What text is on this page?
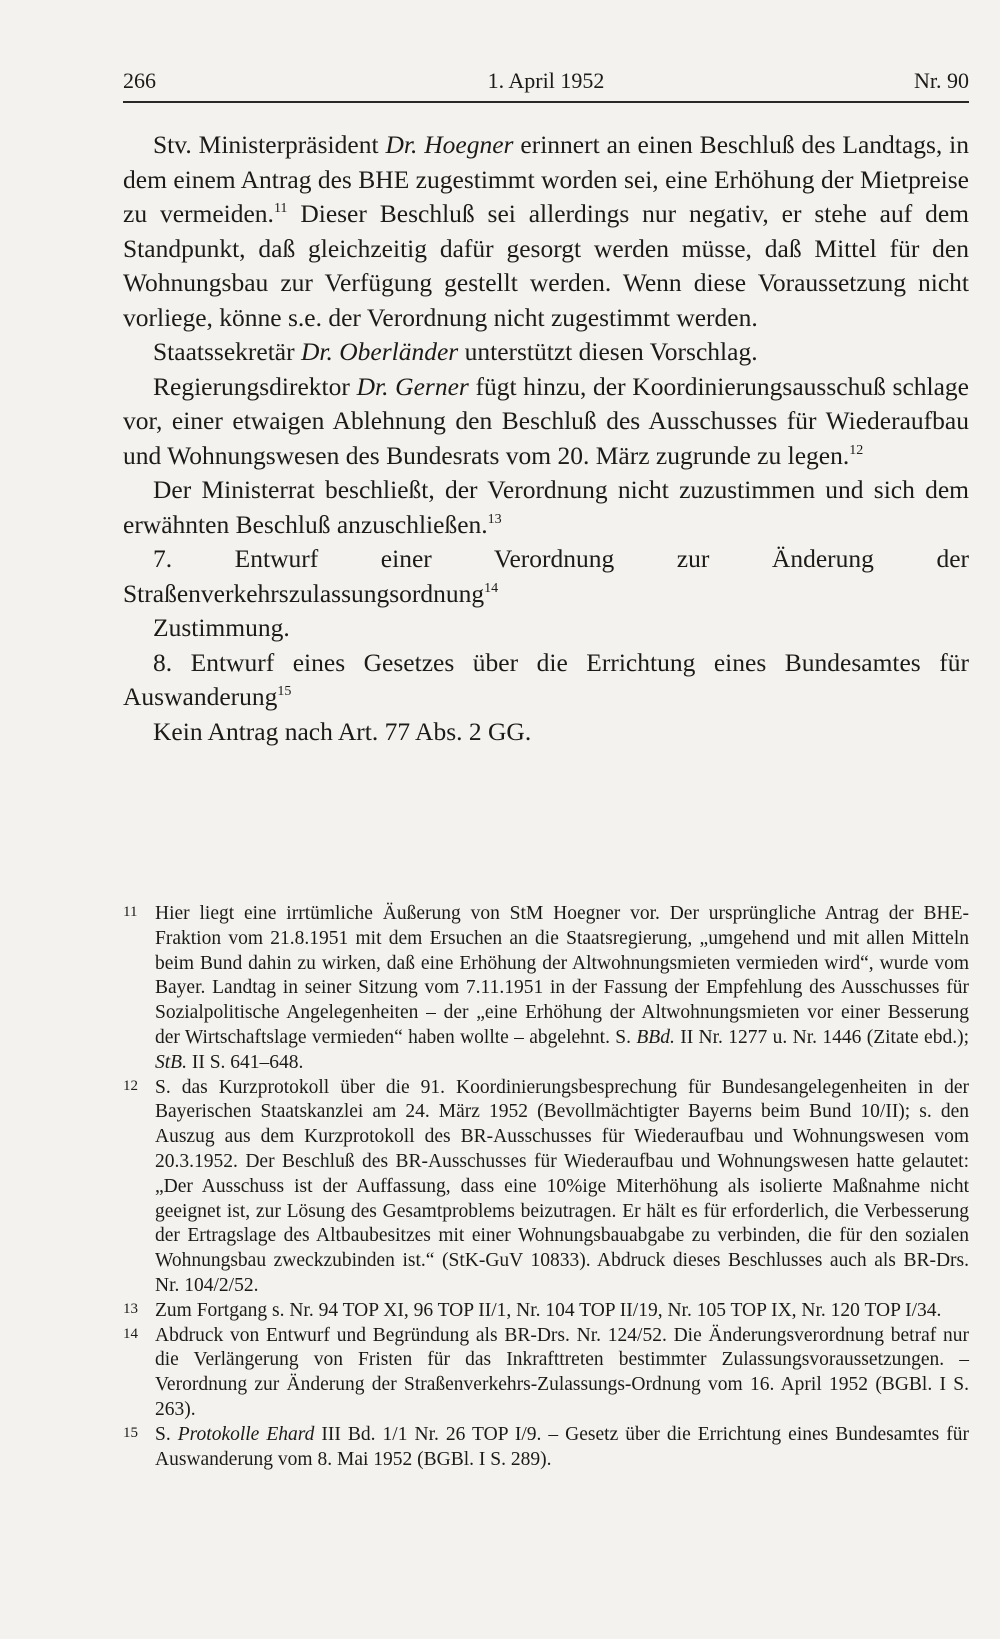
266	1. April 1952	Nr. 90

Stv. Ministerpräsident Dr. Hoegner erinnert an einen Beschluß des Landtags, in dem einem Antrag des BHE zugestimmt worden sei, eine Erhöhung der Mietpreise zu vermeiden.$^{11}$ Dieser Beschluß sei allerdings nur negativ, er stehe auf dem Standpunkt, daß gleichzeitig dafür gesorgt werden müsse, daß Mittel für den Wohnungsbau zur Verfügung gestellt werden. Wenn diese Voraussetzung nicht vorliege, könne s.e. der Verordnung nicht zugestimmt werden.

Staatssekretär Dr. Oberländer unterstützt diesen Vorschlag.

Regierungsdirektor Dr. Gerner fügt hinzu, der Koordinierungsausschuß schlage vor, einer etwaigen Ablehnung den Beschluß des Ausschusses für Wiederaufbau und Wohnungswesen des Bundesrats vom 20. März zugrunde zu legen.$^{12}$

Der Ministerrat beschließt, der Verordnung nicht zuzustimmen und sich dem erwähnten Beschluß anzuschließen.$^{13}$

7. Entwurf einer Verordnung zur Änderung der Straßenverkehrszulassungsordnung$^{14}$

Zustimmung.

8. Entwurf eines Gesetzes über die Errichtung eines Bundesamtes für Auswanderung$^{15}$

Kein Antrag nach Art. 77 Abs. 2 GG.

11 Hier liegt eine irrtümliche Äußerung von StM Hoegner vor. Der ursprüngliche Antrag der BHE-Fraktion vom 21.8.1951 mit dem Ersuchen an die Staatsregierung, „umgehend und mit allen Mitteln beim Bund dahin zu wirken, daß eine Erhöhung der Altwohnungsmieten vermieden wird“, wurde vom Bayer. Landtag in seiner Sitzung vom 7.11.1951 in der Fassung der Empfehlung des Ausschusses für Sozialpolitische Angelegenheiten – der „eine Erhöhung der Altwohnungsmieten vor einer Besserung der Wirtschaftslage vermieden“ haben wollte – abgelehnt. S. BBd. II Nr. 1277 u. Nr. 1446 (Zitate ebd.); StB. II S. 641–648.

12 S. das Kurzprotokoll über die 91. Koordinierungsbesprechung für Bundesangelegenheiten in der Bayerischen Staatskanzlei am 24. März 1952 (Bevollmächtigter Bayerns beim Bund 10/II); s. den Auszug aus dem Kurzprotokoll des BR-Ausschusses für Wiederaufbau und Wohnungswesen vom 20.3.1952. Der Beschluß des BR-Ausschusses für Wiederaufbau und Wohnungswesen hatte gelautet: „Der Ausschuss ist der Auffassung, dass eine 10%ige Miterhöhung als isolierte Maßnahme nicht geeignet ist, zur Lösung des Gesamtproblems beizutragen. Er hält es für erforderlich, die Verbesserung der Ertragslage des Altbaubesitzes mit einer Wohnungsbauabgabe zu verbinden, die für den sozialen Wohnungsbau zweckzubinden ist.“ (StK-GuV 10833). Abdruck dieses Beschlusses auch als BR-Drs. Nr. 104/2/52.

13 Zum Fortgang s. Nr. 94 TOP XI, 96 TOP II/1, Nr. 104 TOP II/19, Nr. 105 TOP IX, Nr. 120 TOP I/34.

14 Abdruck von Entwurf und Begründung als BR-Drs. Nr. 124/52. Die Änderungsverordnung betraf nur die Verlängerung von Fristen für das Inkrafttreten bestimmter Zulassungsvoraussetzungen. – Verordnung zur Änderung der Straßenverkehrs-Zulassungs-Ordnung vom 16. April 1952 (BGBl. I S. 263).

15 S. Protokolle Ehard III Bd. 1/1 Nr. 26 TOP I/9. – Gesetz über die Errichtung eines Bundesamtes für Auswanderung vom 8. Mai 1952 (BGBl. I S. 289).
